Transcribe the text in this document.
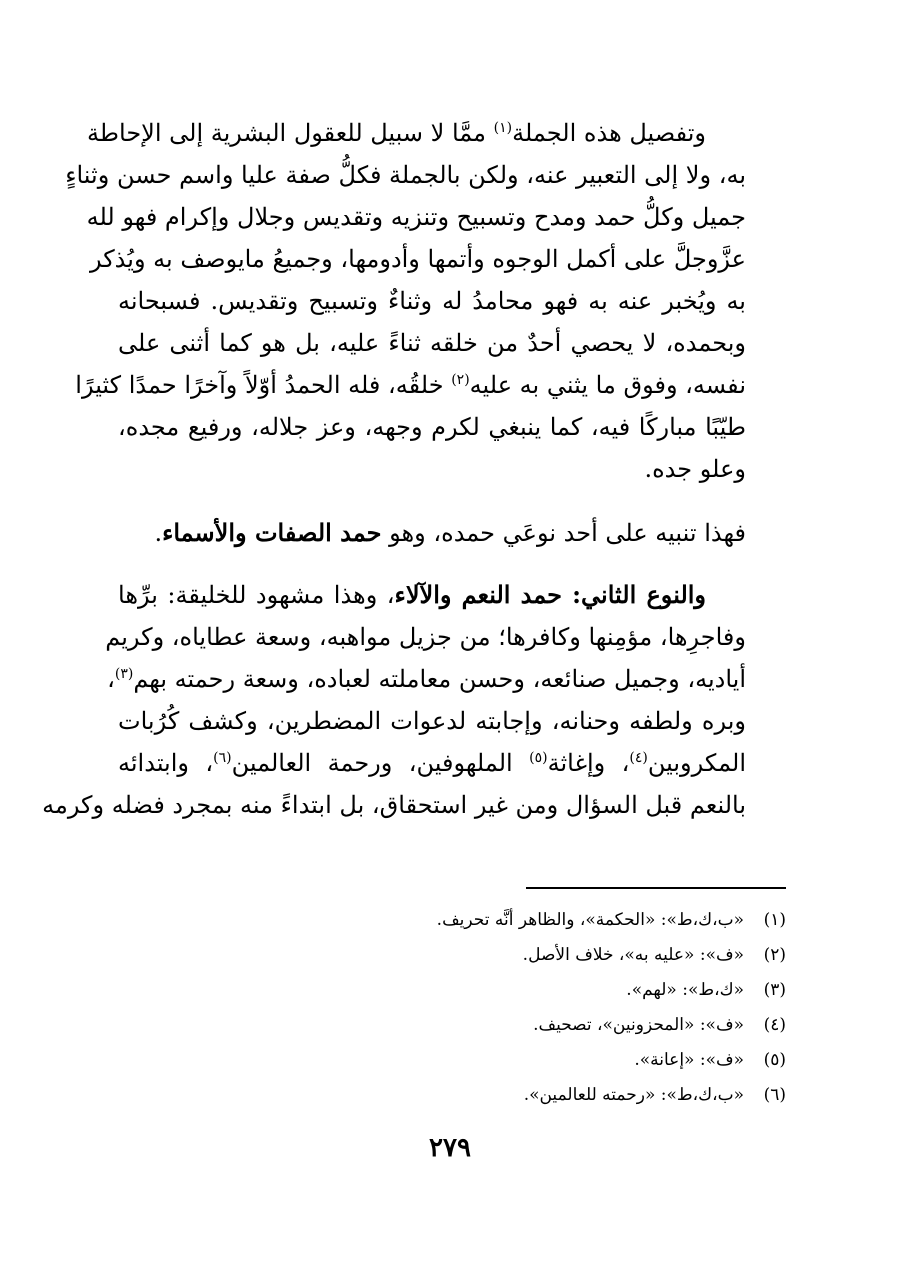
وتفصيل هذه الجملة$^{(١)}$ ممَّا لا سبيل للعقول البشرية إلى الإحاطة
به، ولا إلى التعبير عنه، ولكن بالجملة فكلُّ صفة عليا واسم حسن وثناءٍ
جميل وكلُّ حمد ومدح وتسبيح وتنزيه وتقديس وجلال وإكرام فهو لله
عزَّوجلَّ على أكمل الوجوه وأتمها وأدومها، وجميعُ مايوصف به ويُذكر
به ويُخبر عنه به فهو محامدُ له وثناءٌ وتسبيح وتقديس. فسبحانه
وبحمده، لا يحصي أحدٌ من خلقه ثناءً عليه، بل هو كما أثنى على
نفسه، وفوق ما يثني به عليه$^{(٢)}$ خلقُه، فله الحمدُ أوّلاً وآخرًا حمدًا كثيرًا
طيّبًا مباركًا فيه، كما ينبغي لكرم وجهه، وعز جلاله، ورفيع مجده،
وعلو جده.

فهذا تنبيه على أحد نوعَي حمده، وهو حمد الصفات والأسماء.

والنوع الثاني: حمد النعم والآلاء، وهذا مشهود للخليقة: برِّها
وفاجرِها، مؤمِنها وكافرها؛ من جزيل مواهبه، وسعة عطاياه، وكريم
أياديه، وجميل صنائعه، وحسن معاملته لعباده، وسعة رحمته بهم$^{(٣)}$،
وبره ولطفه وحنانه، وإجابته لدعوات المضطرين، وكشف كُرُبات
المكروبين$^{(٤)}$، وإغاثة$^{(٥)}$ الملهوفين، ورحمة العالمين$^{(٦)}$، وابتدائه
بالنعم قبل السؤال ومن غير استحقاق، بل ابتداءً منه بمجرد فضله وكرمه

(١)
«ب،ك،ط»: «الحكمة»، والظاهر أنَّه تحريف.
(٢)
«ف»: «عليه به»، خلاف الأصل.
(٣)
«ك،ط»: «لهم».
(٤)
«ف»: «المحزونين»، تصحيف.
(٥)
«ف»: «إعانة».
(٦)
«ب،ك،ط»: «رحمته للعالمين».
٢٧٩
